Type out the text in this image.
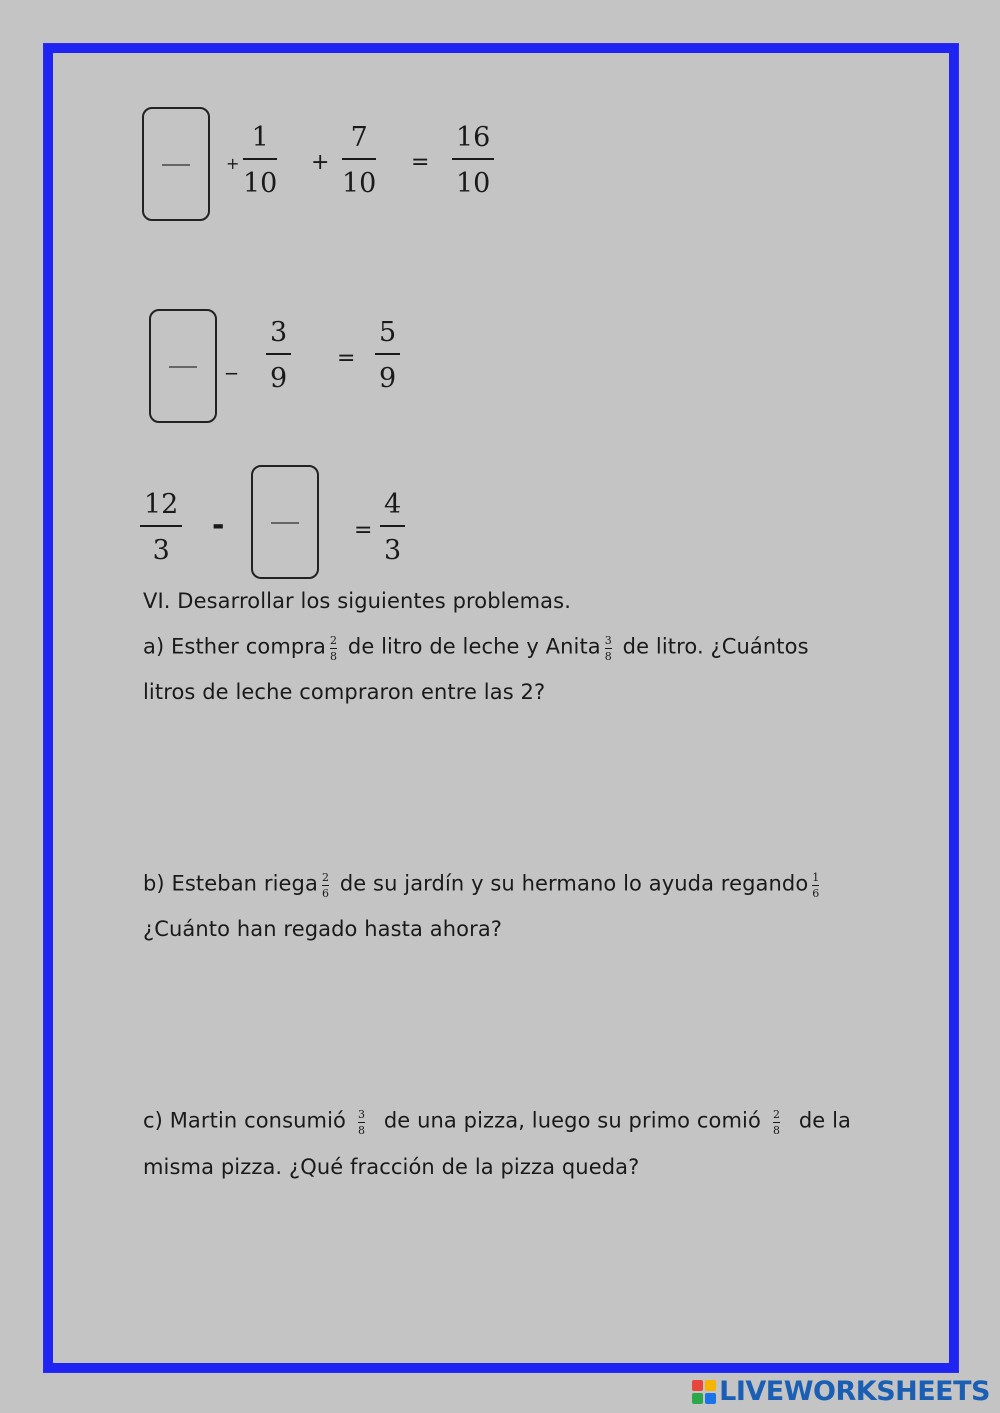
+
1
10
+
7
10
=
16
10
_
3
9
=
5
9
12
3
-	=
4
3
VI. Desarrollar los siguientes problemas.
a) Esther compra $\frac{2}{8}$ de litro de leche y Anita $\frac{3}{8}$ de litro. ¿Cuántos
litros de leche compraron entre las 2?
b) Esteban riega $\frac{2}{6}$ de su jardín y su hermano lo ayuda regando $\frac{1}{6}$
¿Cuánto han regado hasta ahora?
c) Martin consumió $\frac{3}{8}$ de una pizza, luego su primo comió $\frac{2}{8}$ de la
misma pizza. ¿Qué fracción de la pizza queda?
LIVEWORKSHEETS
